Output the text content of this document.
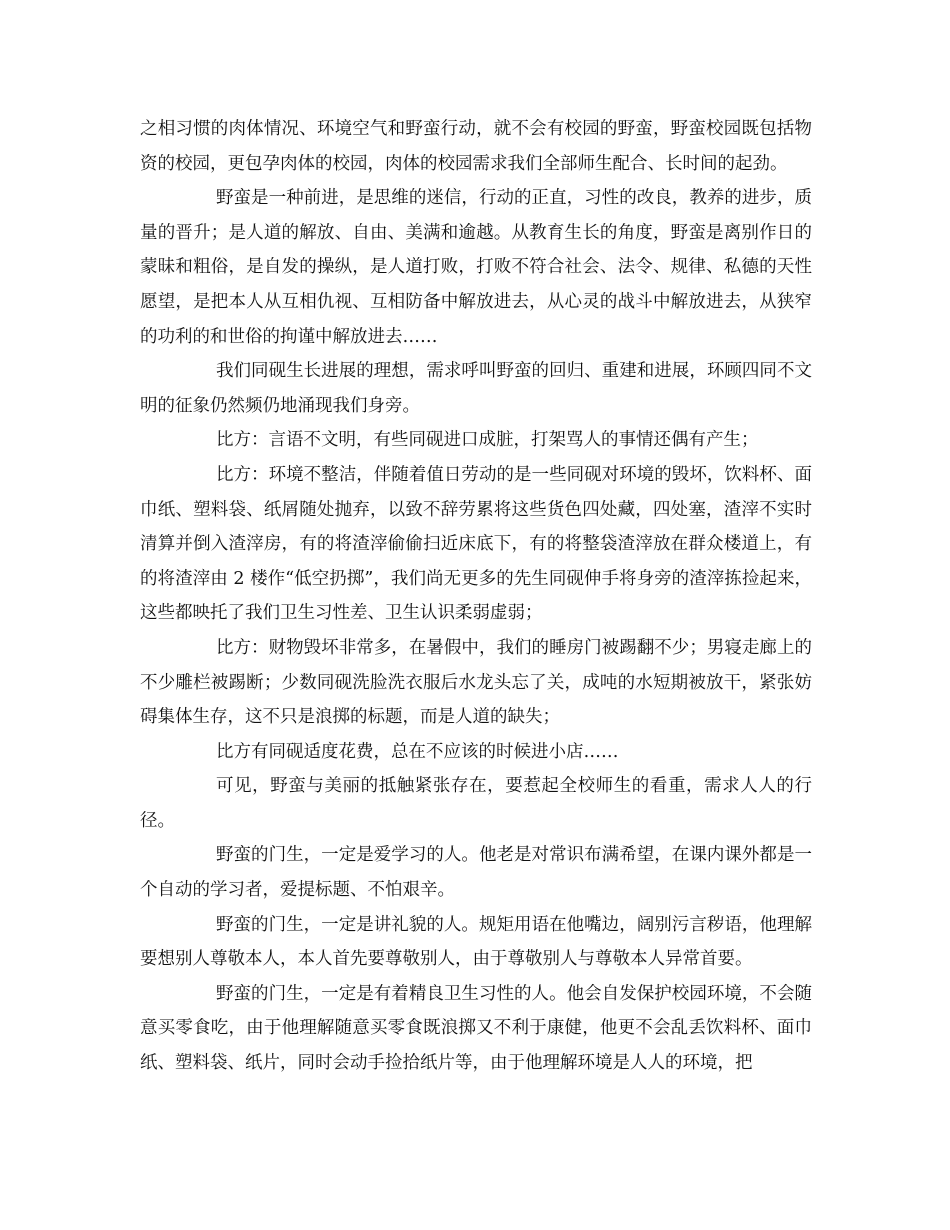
之相习惯的肉体情况、环境空气和野蛮行动，就不会有校园的野蛮，野蛮校园既包括物资的校园，更包孕肉体的校园，肉体的校园需求我们全部师生配合、长时间的起劲。

野蛮是一种前进，是思维的迷信，行动的正直，习性的改良，教养的进步，质量的晋升；是人道的解放、自由、美满和逾越。从教育生长的角度，野蛮是离别作日的蒙昧和粗俗，是自发的操纵，是人道打败，打败不符合社会、法令、规律、私德的天性愿望，是把本人从互相仇视、互相防备中解放进去，从心灵的战斗中解放进去，从狭窄的功利的和世俗的拘谨中解放进去……

我们同砚生长进展的理想，需求呼叫野蛮的回归、重建和进展，环顾四同不文明的征象仍然频仍地涌现我们身旁。

比方：言语不文明，有些同砚进口成脏，打架骂人的事情还偶有产生；

比方：环境不整洁，伴随着值日劳动的是一些同砚对环境的毁坏，饮料杯、面巾纸、塑料袋、纸屑随处抛弃，以致不辞劳累将这些货色四处藏，四处塞，渣滓不实时清算并倒入渣滓房，有的将渣滓偷偷扫近床底下，有的将整袋渣滓放在群众楼道上，有的将渣滓由 2 楼作“低空扔掷”，我们尚无更多的先生同砚伸手将身旁的渣滓拣捡起来，这些都映托了我们卫生习性差、卫生认识柔弱虚弱；

比方：财物毁坏非常多，在暑假中，我们的睡房门被踢翻不少；男寝走廊上的不少雕栏被踢断；少数同砚洗脸洗衣服后水龙头忘了关，成吨的水短期被放干，紧张妨碍集体生存，这不只是浪掷的标题，而是人道的缺失；

比方有同砚适度花费，总在不应该的时候进小店……

可见，野蛮与美丽的抵触紧张存在，要惹起全校师生的看重，需求人人的行径。

野蛮的门生，一定是爱学习的人。他老是对常识布满希望，在课内课外都是一个自动的学习者，爱提标题、不怕艰辛。

野蛮的门生，一定是讲礼貌的人。规矩用语在他嘴边，阔别污言秽语，他理解要想别人尊敬本人，本人首先要尊敬别人，由于尊敬别人与尊敬本人异常首要。

野蛮的门生，一定是有着精良卫生习性的人。他会自发保护校园环境，不会随意买零食吃，由于他理解随意买零食既浪掷又不利于康健，他更不会乱丢饮料杯、面巾纸、塑料袋、纸片，同时会动手捡拾纸片等，由于他理解环境是人人的环境，把
